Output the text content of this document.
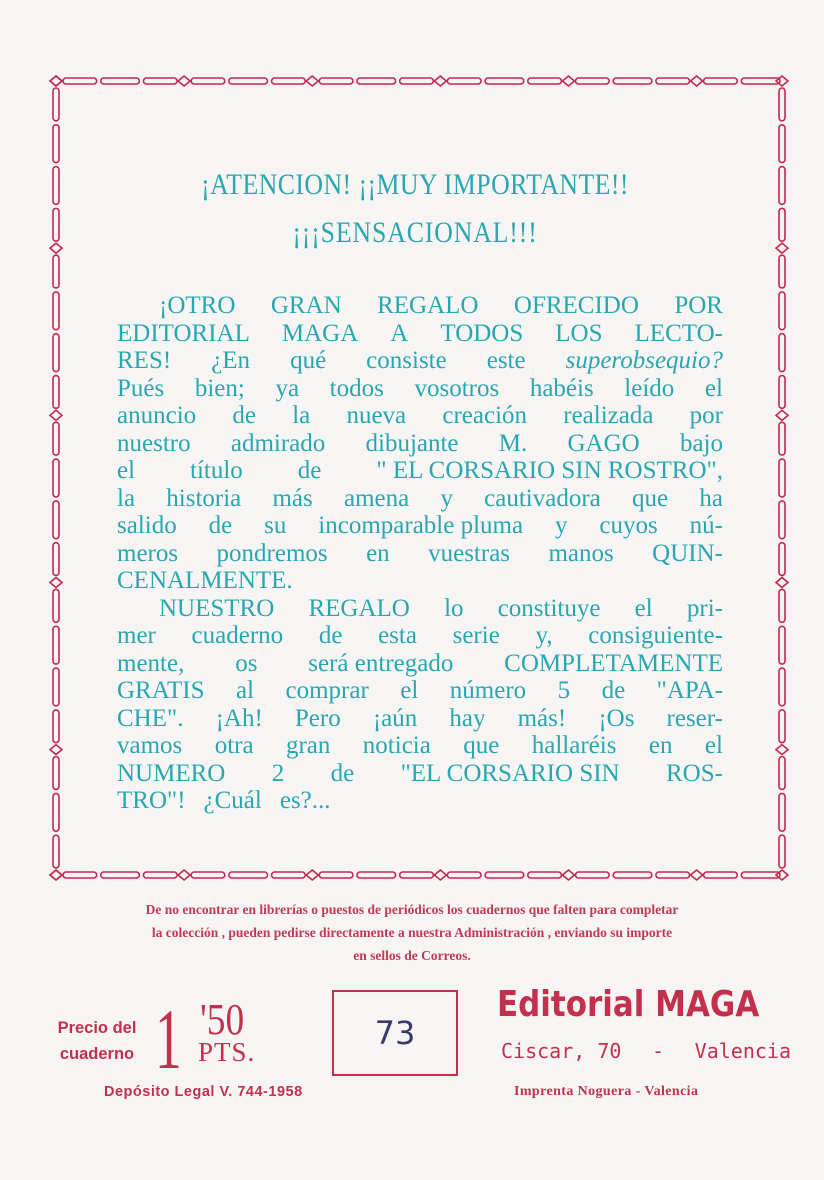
¡ATENCION! ¡¡MUY IMPORTANTE!!
¡¡¡SENSACIONAL!!!
¡OTRO GRAN REGALO OFRECIDO POR
EDITORIAL MAGA A TODOS LOS LECTO-
RES! ¿En qué consiste este superobsequio?
Pués bien; ya todos vosotros habéis leído el
anuncio de la nueva creación realizada por
nuestro admirado dibujante M. GAGO bajo
el título de " EL CORSARIO SIN ROSTRO",
la historia más amena y cautivadora que ha
salido de su incomparable pluma y cuyos nú-
meros pondremos en vuestras manos QUIN-
CENALMENTE.
NUESTRO REGALO lo constituye el pri-
mer cuaderno de esta serie y, consiguiente-
mente, os será entregado COMPLETAMENTE
GRATIS al comprar el número 5 de "APA-
CHE". ¡Ah! Pero ¡aún hay más! ¡Os reser-
vamos otra gran noticia que hallaréis en el
NUMERO 2 de "EL CORSARIO SIN ROS-
TRO"! ¿Cuál es?...
De no encontrar en librerías o puestos de periódicos los cuadernos que falten para completar
la colección , pueden pedirse directamente a nuestra Administración , enviando su importe
en sellos de Correos.
Precio del
cuaderno 1 '50
PTS.	73
Editorial MAGA
Ciscar, 70 - Valencia
Depósito Legal V. 744-1958	Imprenta Noguera - Valencia
